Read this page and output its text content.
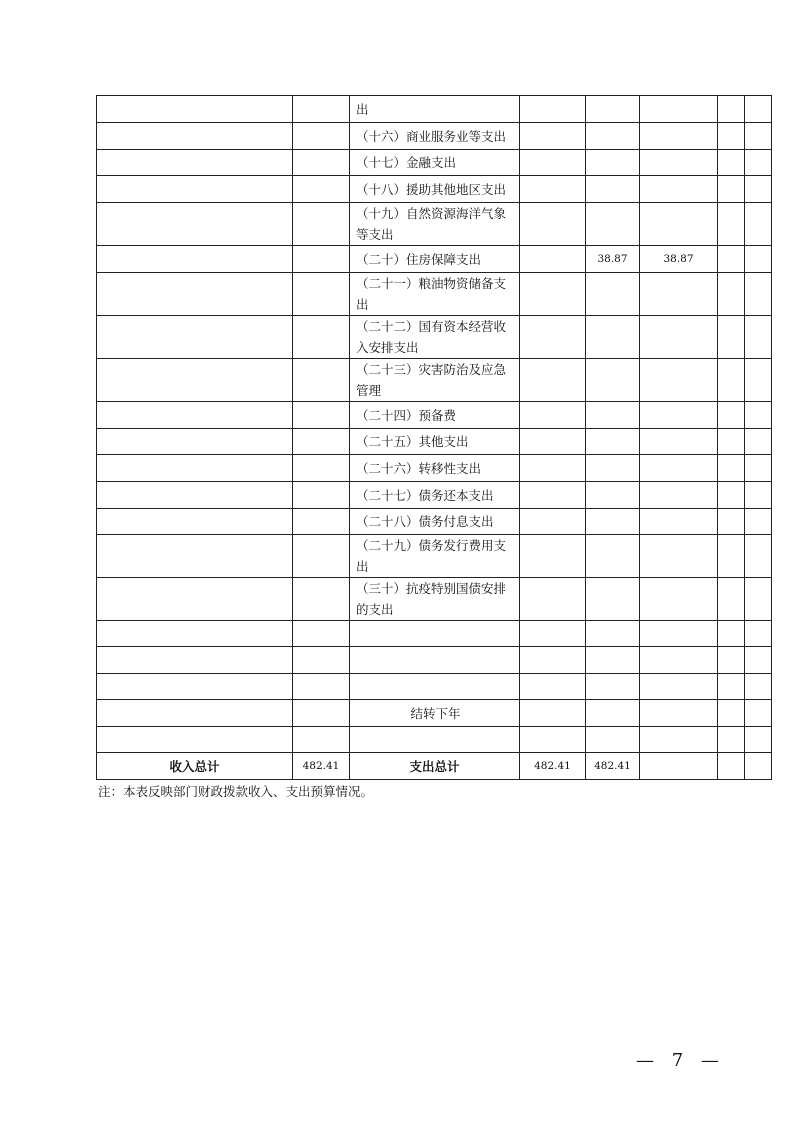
		出					
		（十六）商业服务业等支出					
		（十七）金融支出					
		（十八）援助其他地区支出					
		（十九）自然资源海洋气象等支出					
		（二十）住房保障支出		38.87	38.87		
		（二十一）粮油物资储备支出					
		（二十二）国有资本经营收入安排支出					
		（二十三）灾害防治及应急管理					
		（二十四）预备费					
		（二十五）其他支出					
		（二十六）转移性支出					
		（二十七）债务还本支出					
		（二十八）债务付息支出					
		（二十九）债务发行费用支出					
		（三十）抗疫特别国债安排的支出					

		结转下年					

收入总计	482.41	支出总计	482.41	482.41			
注：本表反映部门财政拨款收入、支出预算情况。
— 7 —
